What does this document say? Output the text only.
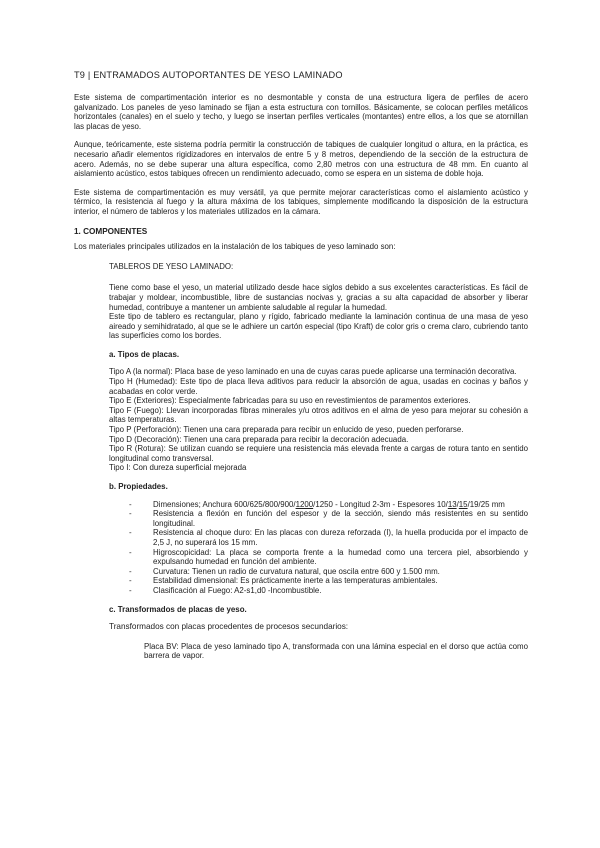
T9 | ENTRAMADOS AUTOPORTANTES DE YESO LAMINADO

Este sistema de compartimentación interior es no desmontable y consta de una estructura ligera de perfiles de acero galvanizado. Los paneles de yeso laminado se fijan a esta estructura con tornillos. Básicamente, se colocan perfiles metálicos horizontales (canales) en el suelo y techo, y luego se insertan perfiles verticales (montantes) entre ellos, a los que se atornillan las placas de yeso.

Aunque, teóricamente, este sistema podría permitir la construcción de tabiques de cualquier longitud o altura, en la práctica, es necesario añadir elementos rigidizadores en intervalos de entre 5 y 8 metros, dependiendo de la sección de la estructura de acero. Además, no se debe superar una altura específica, como 2,80 metros con una estructura de 48 mm. En cuanto al aislamiento acústico, estos tabiques ofrecen un rendimiento adecuado, como se espera en un sistema de doble hoja.

Este sistema de compartimentación es muy versátil, ya que permite mejorar características como el aislamiento acústico y térmico, la resistencia al fuego y la altura máxima de los tabiques, simplemente modificando la disposición de la estructura interior, el número de tableros y los materiales utilizados en la cámara.

1. COMPONENTES

Los materiales principales utilizados en la instalación de los tabiques de yeso laminado son:

TABLEROS DE YESO LAMINADO:

Tiene como base el yeso, un material utilizado desde hace siglos debido a sus excelentes características. Es fácil de trabajar y moldear, incombustible, libre de sustancias nocivas y, gracias a su alta capacidad de absorber y liberar humedad, contribuye a mantener un ambiente saludable al regular la humedad.

Este tipo de tablero es rectangular, plano y rígido, fabricado mediante la laminación continua de una masa de yeso aireado y semihidratado, al que se le adhiere un cartón especial (tipo Kraft) de color gris o crema claro, cubriendo tanto las superficies como los bordes.

a. Tipos de placas.

Tipo A (la normal): Placa base de yeso laminado en una de cuyas caras puede aplicarse una terminación decorativa.

Tipo H (Humedad): Este tipo de placa lleva aditivos para reducir la absorción de agua, usadas en cocinas y baños y acabadas en color verde.

Tipo E (Exteriores): Especialmente fabricadas para su uso en revestimientos de paramentos exteriores.

Tipo F (Fuego): Llevan incorporadas fibras minerales y/u otros aditivos en el alma de yeso para mejorar su cohesión a altas temperaturas.

Tipo P (Perforación): Tienen una cara preparada para recibir un enlucido de yeso, pueden perforarse.

Tipo D (Decoración): Tienen una cara preparada para recibir la decoración adecuada.

Tipo R (Rotura): Se utilizan cuando se requiere una resistencia más elevada frente a cargas de rotura tanto en sentido longitudinal como transversal.

Tipo I: Con dureza superficial mejorada

b. Propiedades.
-	Dimensiones; Anchura 600/625/800/900/1200/1250 - Longitud 2-3m - Espesores 10/13/15/19/25 mm
-	Resistencia a flexión en función del espesor y de la sección, siendo más resistentes en su sentido longitudinal.
-	Resistencia al choque duro: En las placas con dureza reforzada (I), la huella producida por el impacto de 2,5 J, no superará los 15 mm.
-	Higroscopicidad: La placa se comporta frente a la humedad como una tercera piel, absorbiendo y expulsando humedad en función del ambiente.
-	Curvatura: Tienen un radio de curvatura natural, que oscila entre 600 y 1.500 mm.
-	Estabilidad dimensional: Es prácticamente inerte a las temperaturas ambientales.
-	Clasificación al Fuego: A2-s1,d0 -Incombustible.
c. Transformados de placas de yeso.

Transformados con placas procedentes de procesos secundarios:

Placa BV: Placa de yeso laminado tipo A, transformada con una lámina especial en el dorso que actúa como barrera de vapor.
